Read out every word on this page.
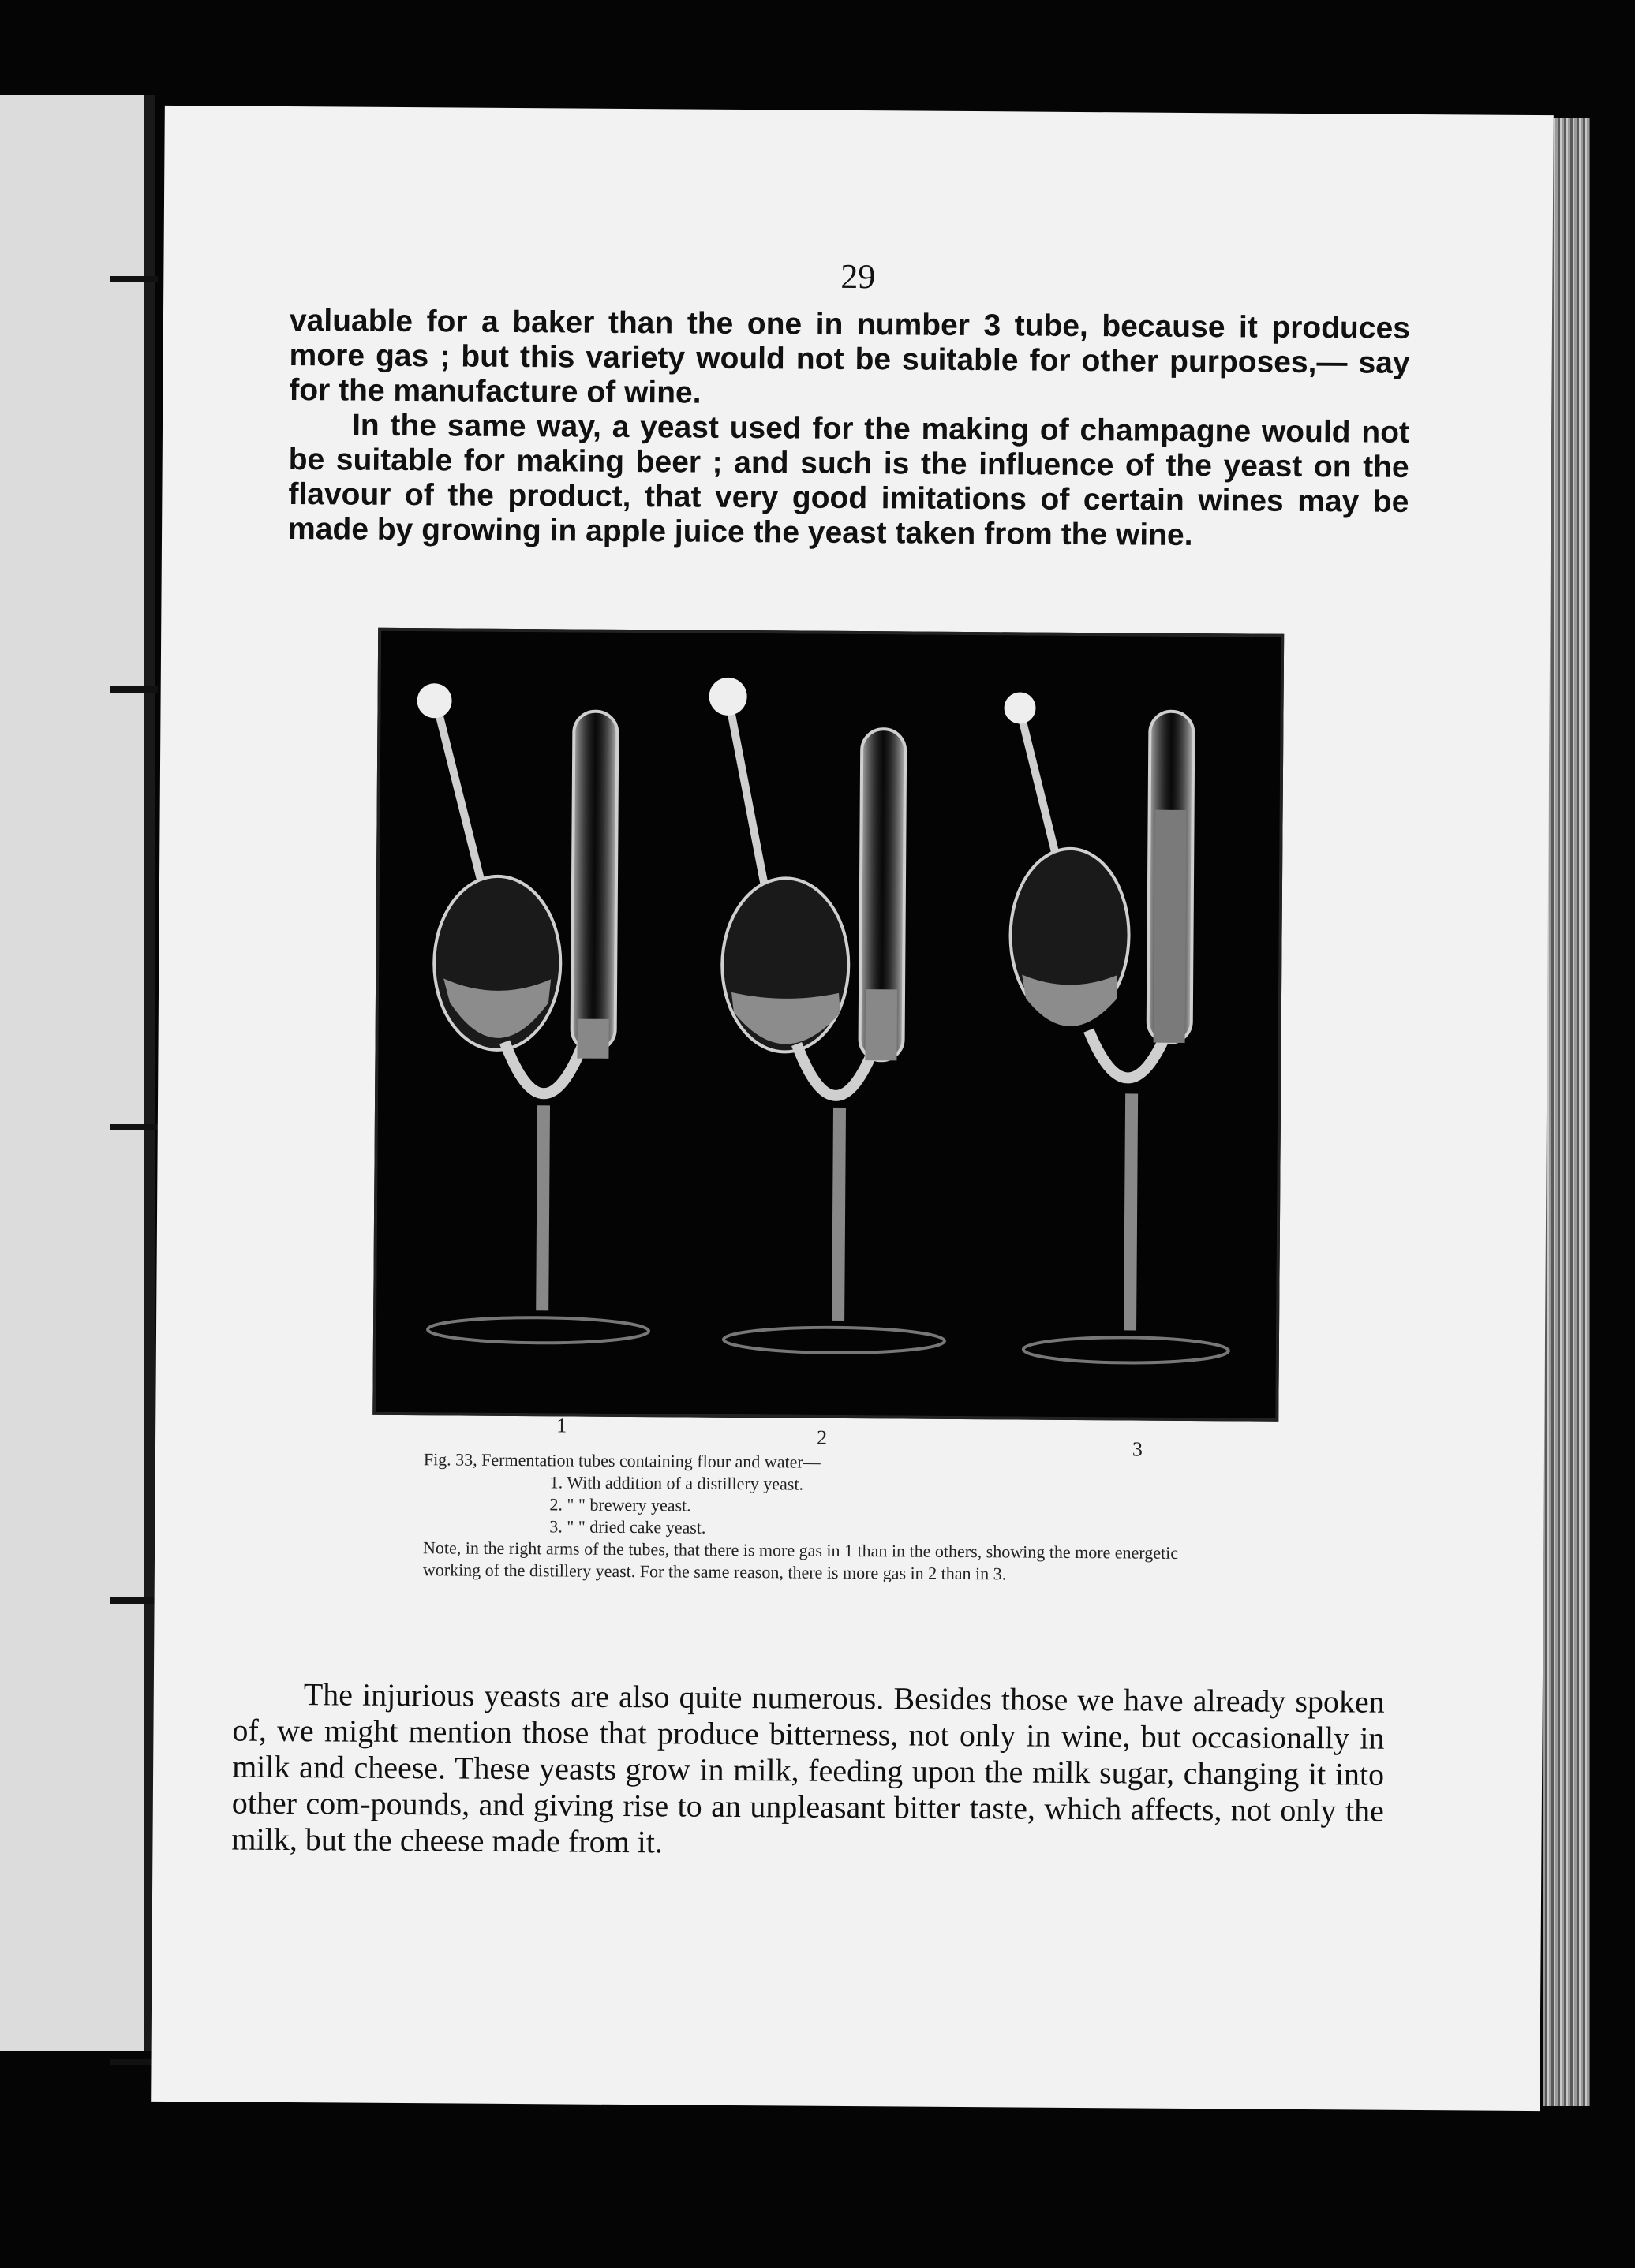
29

valuable for a baker than the one in number 3 tube, because it produces more gas ; but this variety would not be suitable for other purposes,— say for the manufacture of wine.

In the same way, a yeast used for the making of champagne would not be suitable for making beer ; and such is the influence of the yeast on the flavour of the product, that very good imitations of certain wines may be made by growing in apple juice the yeast taken from the wine.

1
2
3
Fig. 33, Fermentation tubes containing flour and water—
1. With addition of a distillery yeast.
2. " " brewery yeast.
3. " " dried cake yeast.
Note, in the right arms of the tubes, that there is more gas in 1 than in the others, showing the more energetic working of the distillery yeast. For the same reason, there is more gas in 2 than in 3.

The injurious yeasts are also quite numerous. Besides those we have already spoken of, we might mention those that produce bitterness, not only in wine, but occasionally in milk and cheese. These yeasts grow in milk, feeding upon the milk sugar, changing it into other com-pounds, and giving rise to an unpleasant bitter taste, which affects, not only the milk, but the cheese made from it.
